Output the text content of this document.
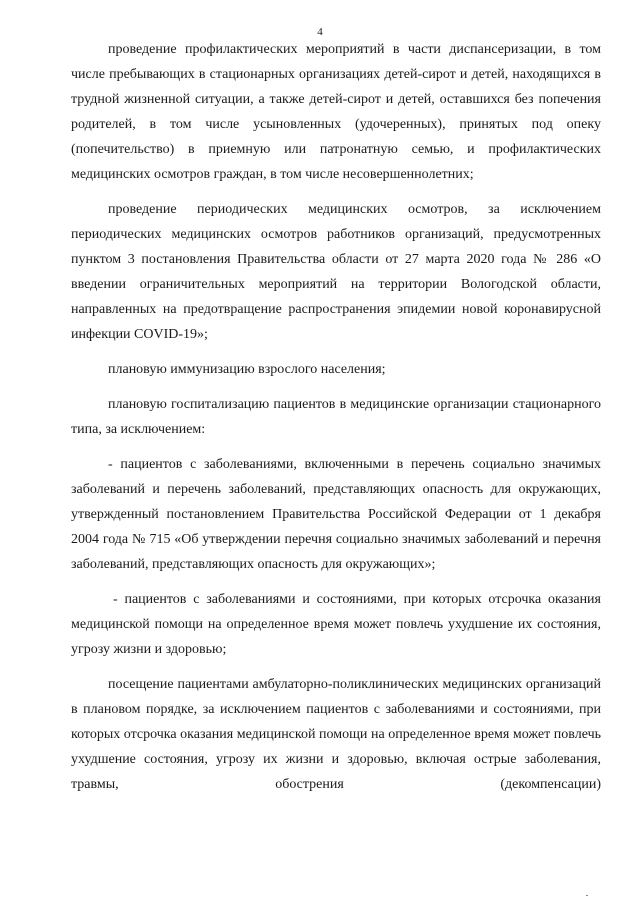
4

проведение профилактических мероприятий в части диспансеризации, в том числе пребывающих в стационарных организациях детей-сирот и детей, находящихся в трудной жизненной ситуации, а также детей-сирот и детей, оставшихся без попечения родителей, в том числе усыновленных (удочеренных), принятых под опеку (попечительство) в приемную или патронатную семью, и профилактических медицинских осмотров граждан, в том числе несовершеннолетних;

проведение периодических медицинских осмотров, за исключением периодических медицинских осмотров работников организаций, предусмотренных пунктом 3 постановления Правительства области от 27 марта 2020 года № 286 «О введении ограничительных мероприятий на территории Вологодской области, направленных на предотвращение распространения эпидемии новой коронавирусной инфекции COVID-19»;

плановую иммунизацию взрослого населения;

плановую госпитализацию пациентов в медицинские организации стационарного типа, за исключением:

- пациентов с заболеваниями, включенными в перечень социально значимых заболеваний и перечень заболеваний, представляющих опасность для окружающих, утвержденный постановлением Правительства Российской Федерации от 1 декабря 2004 года № 715 «Об утверждении перечня социально значимых заболеваний и перечня заболеваний, представляющих опасность для окружающих»;

- пациентов с заболеваниями и состояниями, при которых отсрочка оказания медицинской помощи на определенное время может повлечь ухудшение их состояния, угрозу жизни и здоровью;

посещение пациентами амбулаторно-поликлинических медицинских организаций в плановом порядке, за исключением пациентов с заболеваниями и состояниями, при которых отсрочка оказания медицинской помощи на определенное время может повлечь ухудшение состояния, угрозу их жизни и здоровью, включая острые заболевания, травмы, обострения (декомпенсации)
